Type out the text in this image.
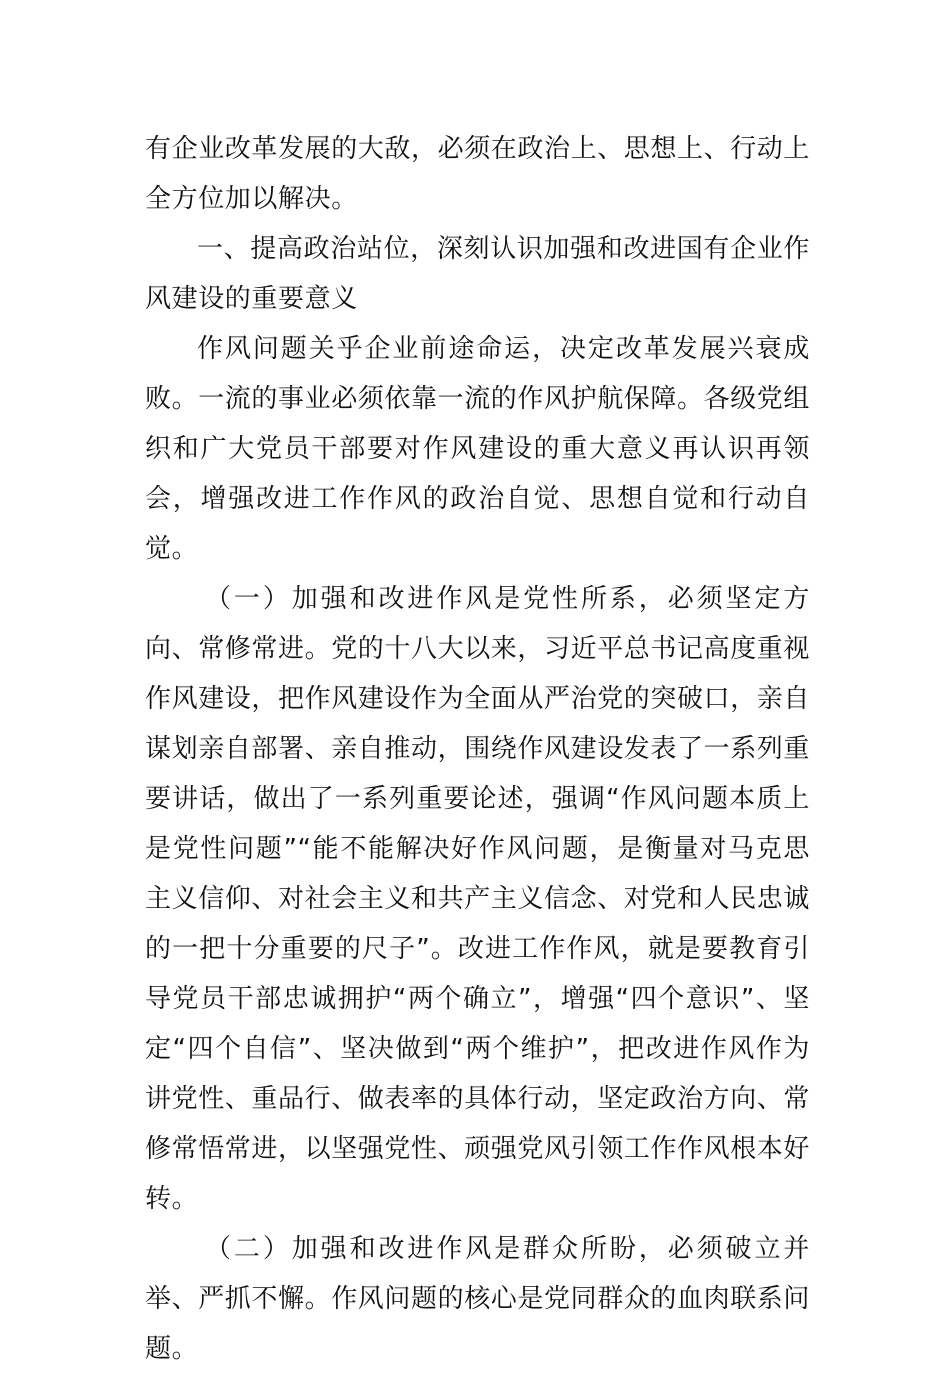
有企业改革发展的大敌，必须在政治上、思想上、行动上全方位加以解决。

一、提高政治站位，深刻认识加强和改进国有企业作风建设的重要意义

作风问题关乎企业前途命运，决定改革发展兴衰成败。一流的事业必须依靠一流的作风护航保障。各级党组织和广大党员干部要对作风建设的重大意义再认识再领会，增强改进工作作风的政治自觉、思想自觉和行动自觉。

（一）加强和改进作风是党性所系，必须坚定方向、常修常进。党的十八大以来，习近平总书记高度重视作风建设，把作风建设作为全面从严治党的突破口，亲自谋划亲自部署、亲自推动，围绕作风建设发表了一系列重要讲话，做出了一系列重要论述，强调“作风问题本质上是党性问题”“能不能解决好作风问题，是衡量对马克思主义信仰、对社会主义和共产主义信念、对党和人民忠诚的一把十分重要的尺子”。改进工作作风，就是要教育引导党员干部忠诚拥护“两个确立”，增强“四个意识”、坚定“四个自信”、坚决做到“两个维护”，把改进作风作为讲党性、重品行、做表率的具体行动，坚定政治方向、常修常悟常进，以坚强党性、顽强党风引领工作作风根本好转。

（二）加强和改进作风是群众所盼，必须破立并举、严抓不懈。作风问题的核心是党同群众的血肉联系问题。
